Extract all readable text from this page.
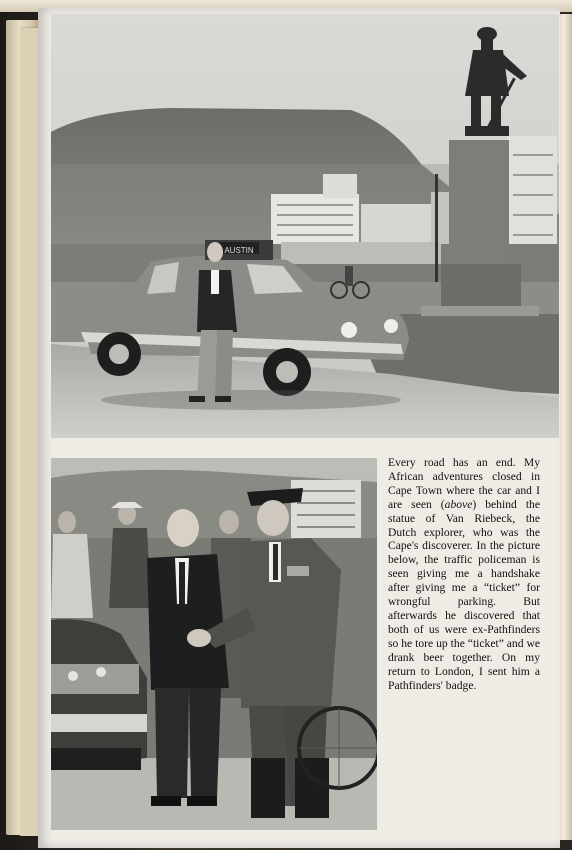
AUSTIN
Every road has an end. My African adventures closed in Cape Town where the car and I are seen (above) behind the statue of Van Riebeck, the Dutch explorer, who was the Cape's discoverer. In the picture below, the traffic policeman is seen giving me a handshake after giving me a “ticket” for wrongful parking. But afterwards he discovered that both of us were ex-Pathfinders so he tore up the “ticket” and we drank beer together. On my return to London, I sent him a Pathfinders' badge.
